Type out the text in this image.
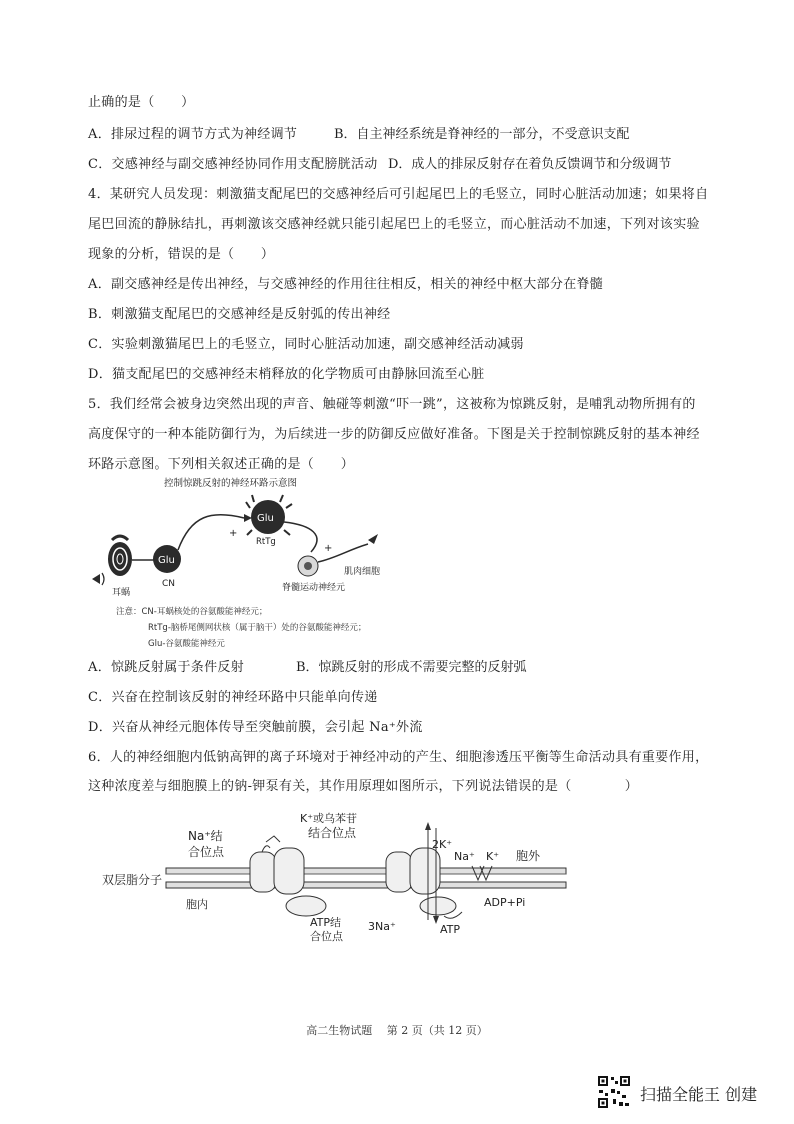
止确的是（　　）
A．排尿过程的调节方式为神经调节	B．自主神经系统是脊神经的一部分，不受意识支配
C．交感神经与副交感神经协同作用支配膀胱活动 D．成人的排尿反射存在着负反馈调节和分级调节
4．某研究人员发现：刺激猫支配尾巴的交感神经后可引起尾巴上的毛竖立，同时心脏活动加速；如果将自
尾巴回流的静脉结扎，再刺激该交感神经就只能引起尾巴上的毛竖立，而心脏活动不加速，下列对该实验
现象的分析，错误的是（　　）
A．副交感神经是传出神经，与交感神经的作用往往相反，相关的神经中枢大部分在脊髓
B．刺激猫支配尾巴的交感神经是反射弧的传出神经
C．实验刺激猫尾巴上的毛竖立，同时心脏活动加速，副交感神经活动减弱
D．猫支配尾巴的交感神经末梢释放的化学物质可由静脉回流至心脏
5．我们经常会被身边突然出现的声音、触碰等刺激“吓一跳”，这被称为惊跳反射，是哺乳动物所拥有的
高度保守的一种本能防御行为，为后续进一步的防御反应做好准备。下图是关于控制惊跳反射的基本神经
环路示意图。下列相关叙述正确的是（　　）
控制惊跳反射的神经环路示意图
耳蜗
Glu
CN
+
Glu
RtTg
+
脊髓运动神经元
肌肉细胞
注意：CN-耳蜗核处的谷氨酸能神经元；
RtTg-脑桥尾侧网状核（属于脑干）处的谷氨酸能神经元；
Glu-谷氨酸能神经元
A．惊跳反射属于条件反射	B．惊跳反射的形成不需要完整的反射弧
C．兴奋在控制该反射的神经环路中只能单向传递
D．兴奋从神经元胞体传导至突触前膜，会引起 Na⁺外流
6．人的神经细胞内低钠高钾的离子环境对于神经冲动的产生、细胞渗透压平衡等生命活动具有重要作用，
这种浓度差与细胞膜上的钠-钾泵有关，其作用原理如图所示，下列说法错误的是（　　　　）
双层脂分子
胞内
Na⁺结
合位点
K⁺或乌苯苷
结合位点
2K⁺
Na⁺ K⁺ 胞外
ADP+Pi
ATP
3Na⁺
ATP结
合位点
高二生物试题　 第 2 页（共 12 页）
扫描全能王 创建
